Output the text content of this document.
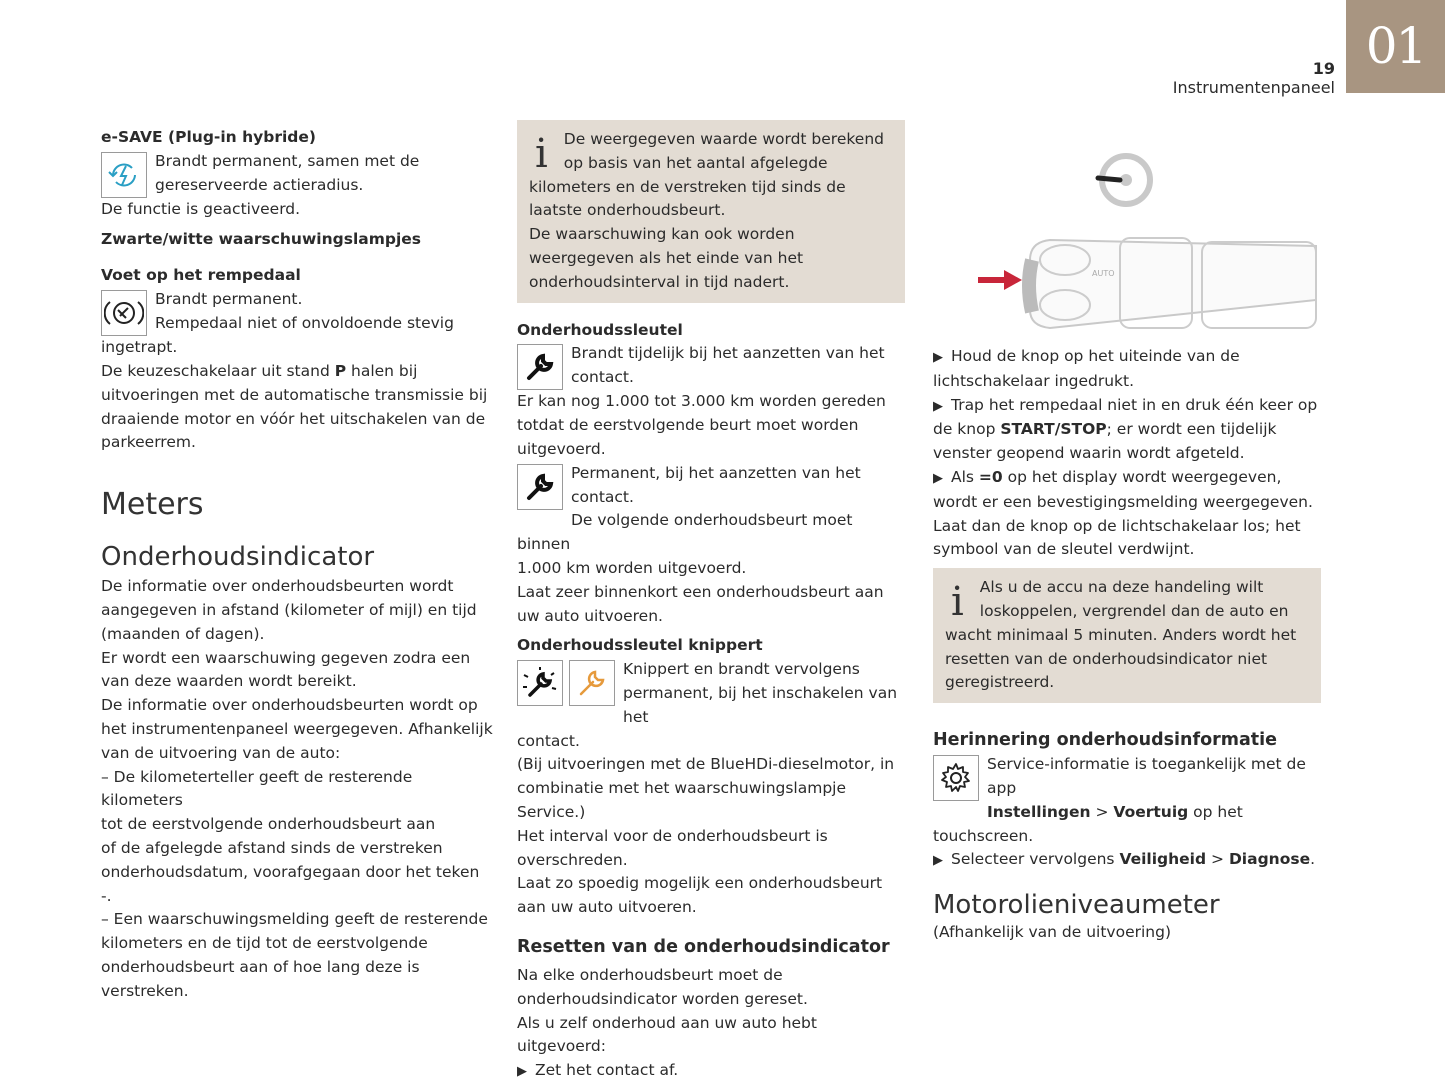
19
Instrumentenpaneel
01

e-SAVE (Plug-in hybride)

Brandt permanent, samen met de

gereserveerde actieradius.

De functie is geactiveerd.

Zwarte/witte waarschuwingslampjes

Voet op het rempedaal

Brandt permanent.

Rempedaal niet of onvoldoende stevig

ingetrapt.

De keuzeschakelaar uit stand P halen bij uitvoeringen met de automatische transmissie bij draaiende motor en vóór het uitschakelen van de parkeerrem.

Meters

Onderhoudsindicator

De informatie over onderhoudsbeurten wordt aangegeven in afstand (kilometer of mijl) en tijd (maanden of dagen).

Er wordt een waarschuwing gegeven zodra een van deze waarden wordt bereikt.

De informatie over onderhoudsbeurten wordt op het instrumentenpaneel weergegeven. Afhankelijk van de uitvoering van de auto:

– De kilometerteller geeft de resterende kilometers

tot de eerstvolgende onderhoudsbeurt aan

of de afgelegde afstand sinds de verstreken

onderhoudsdatum, voorafgegaan door het teken -.

– Een waarschuwingsmelding geeft de resterende kilometers en de tijd tot de eerstvolgende onderhoudsbeurt aan of hoe lang deze is verstreken.

i	De weergegeven waarde wordt berekend op basis van het aantal afgelegde kilometers en de verstreken tijd sinds de laatste onderhoudsbeurt.

De waarschuwing kan ook worden weergegeven als het einde van het onderhoudsinterval in tijd nadert.

Onderhoudssleutel

Brandt tijdelijk bij het aanzetten van het

contact.

Er kan nog 1.000 tot 3.000 km worden gereden totdat de eerstvolgende beurt moet worden uitgevoerd.

Permanent, bij het aanzetten van het contact.

De volgende onderhoudsbeurt moet binnen

1.000 km worden uitgevoerd.

Laat zeer binnenkort een onderhoudsbeurt aan uw auto uitvoeren.

Onderhoudssleutel knippert

Knippert en brandt vervolgens

permanent, bij het inschakelen van het

contact.

(Bij uitvoeringen met de BlueHDi-dieselmotor, in combinatie met het waarschuwingslampje Service.)

Het interval voor de onderhoudsbeurt is overschreden.

Laat zo spoedig mogelijk een onderhoudsbeurt aan uw auto uitvoeren.

Resetten van de onderhoudsindicator

Na elke onderhoudsbeurt moet de onderhoudsindicator worden gereset.

Als u zelf onderhoud aan uw auto hebt uitgevoerd:

▶ Zet het contact af.

AUTO

▶ Houd de knop op het uiteinde van de lichtschakelaar ingedrukt.

▶ Trap het rempedaal niet in en druk één keer op de knop START/STOP; er wordt een tijdelijk venster geopend waarin wordt afgeteld.

▶ Als =0 op het display wordt weergegeven, wordt er een bevestigingsmelding weergegeven. Laat dan de knop op de lichtschakelaar los; het symbool van de sleutel verdwijnt.

i	Als u de accu na deze handeling wilt loskoppelen, vergrendel dan de auto en wacht minimaal 5 minuten. Anders wordt het resetten van de onderhoudsindicator niet geregistreerd.

Herinnering onderhoudsinformatie

Service-informatie is toegankelijk met de app

Instellingen > Voertuig op het touchscreen.

▶ Selecteer vervolgens Veiligheid > Diagnose.

Motorolieniveaumeter

(Afhankelijk van de uitvoering)
